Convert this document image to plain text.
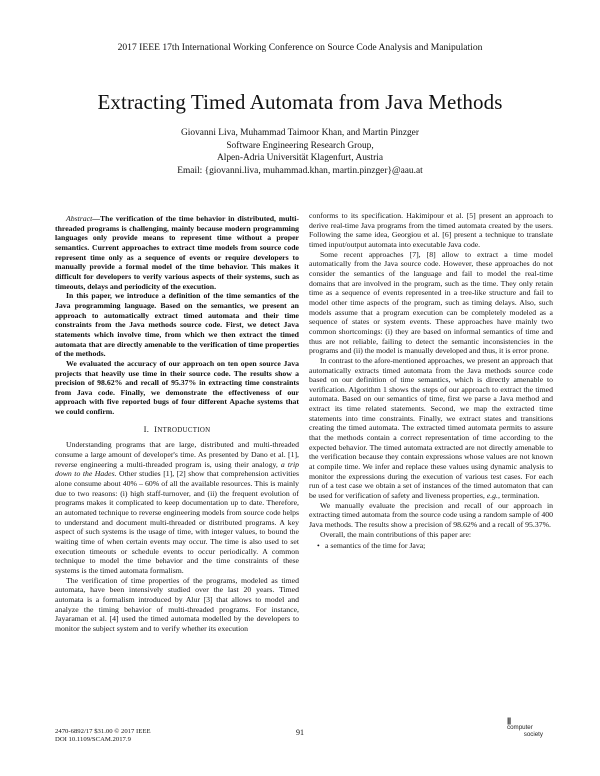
2017 IEEE 17th International Working Conference on Source Code Analysis and Manipulation
Extracting Timed Automata from Java Methods
Giovanni Liva, Muhammad Taimoor Khan, and Martin Pinzger
Software Engineering Research Group,
Alpen-Adria Universität Klagenfurt, Austria
Email: {giovanni.liva, muhammad.khan, martin.pinzger}@aau.at

Abstract—The verification of the time behavior in distributed, multi-threaded programs is challenging, mainly because modern programming languages only provide means to represent time without a proper semantics. Current approaches to extract time models from source code represent time only as a sequence of events or require developers to manually provide a formal model of the time behavior. This makes it difficult for developers to verify various aspects of their systems, such as timeouts, delays and periodicity of the execution.

In this paper, we introduce a definition of the time semantics of the Java programming language. Based on the semantics, we present an approach to automatically extract timed automata and their time constraints from the Java methods source code. First, we detect Java statements which involve time, from which we then extract the timed automata that are directly amenable to the verification of time properties of the methods.

We evaluated the accuracy of our approach on ten open source Java projects that heavily use time in their source code. The results show a precision of 98.62% and recall of 95.37% in extracting time constraints from Java code. Finally, we demonstrate the effectiveness of our approach with five reported bugs of four different Apache systems that we could confirm.

I. INTRODUCTION

Understanding programs that are large, distributed and multi-threaded consume a large amount of developer's time. As presented by Dano et al. [1], reverse engineering a multi-threaded program is, using their analogy, a trip down to the Hades. Other studies [1], [2] show that comprehension activities alone consume about 40% – 60% of all the available resources. This is mainly due to two reasons: (i) high staff-turnover, and (ii) the frequent evolution of programs makes it complicated to keep documentation up to date. Therefore, an automated technique to reverse engineering models from source code helps to understand and document multi-threaded or distributed programs. A key aspect of such systems is the usage of time, with integer values, to bound the waiting time of when certain events may occur. The time is also used to set execution timeouts or schedule events to occur periodically. A common technique to model the time behavior and the time constraints of these systems is the timed automata formalism.

The verification of time properties of the programs, modeled as timed automata, have been intensively studied over the last 20 years. Timed automata is a formalism introduced by Alur [3] that allows to model and analyze the timing behavior of multi-threaded programs. For instance, Jayaraman et al. [4] used the timed automata modelled by the developers to monitor the subject system and to verify whether its execution

conforms to its specification. Hakimipour et al. [5] present an approach to derive real-time Java programs from the timed automata created by the users. Following the same idea, Georgiou et al. [6] present a technique to translate timed input/output automata into executable Java code.

Some recent approaches [7], [8] allow to extract a time model automatically from the Java source code. However, these approaches do not consider the semantics of the language and fail to model the real-time domains that are involved in the program, such as the time. They only retain time as a sequence of events represented in a tree-like structure and fail to model other time aspects of the program, such as timing delays. Also, such models assume that a program execution can be completely modeled as a sequence of states or system events. These approaches have mainly two common shortcomings: (i) they are based on informal semantics of time and thus are not reliable, failing to detect the semantic inconsistencies in the programs and (ii) the model is manually developed and thus, it is error prone.

In contrast to the afore-mentioned approaches, we present an approach that automatically extracts timed automata from the Java methods source code based on our definition of time semantics, which is directly amenable to verification. Algorithm 1 shows the steps of our approach to extract the timed automata. Based on our semantics of time, first we parse a Java method and extract its time related statements. Second, we map the extracted time statements into time constraints. Finally, we extract states and transitions creating the timed automata. The extracted timed automata permits to assure that the methods contain a correct representation of time according to the expected behavior. The timed automata extracted are not directly amenable to the verification because they contain expressions whose values are not known at compile time. We infer and replace these values using dynamic analysis to monitor the expressions during the execution of various test cases. For each run of a test case we obtain a set of instances of the timed automaton that can be used for verification of safety and liveness properties, e.g., termination.

We manually evaluate the precision and recall of our approach in extracting timed automata from the source code using a random sample of 400 Java methods. The results show a precision of 98.62% and a recall of 95.37%.

Overall, the main contributions of this paper are:

• a semantics of the time for Java;
2470-6892/17 $31.00 © 2017 IEEE
DOI 10.1109/SCAM.2017.9
91
||||
computer
society
